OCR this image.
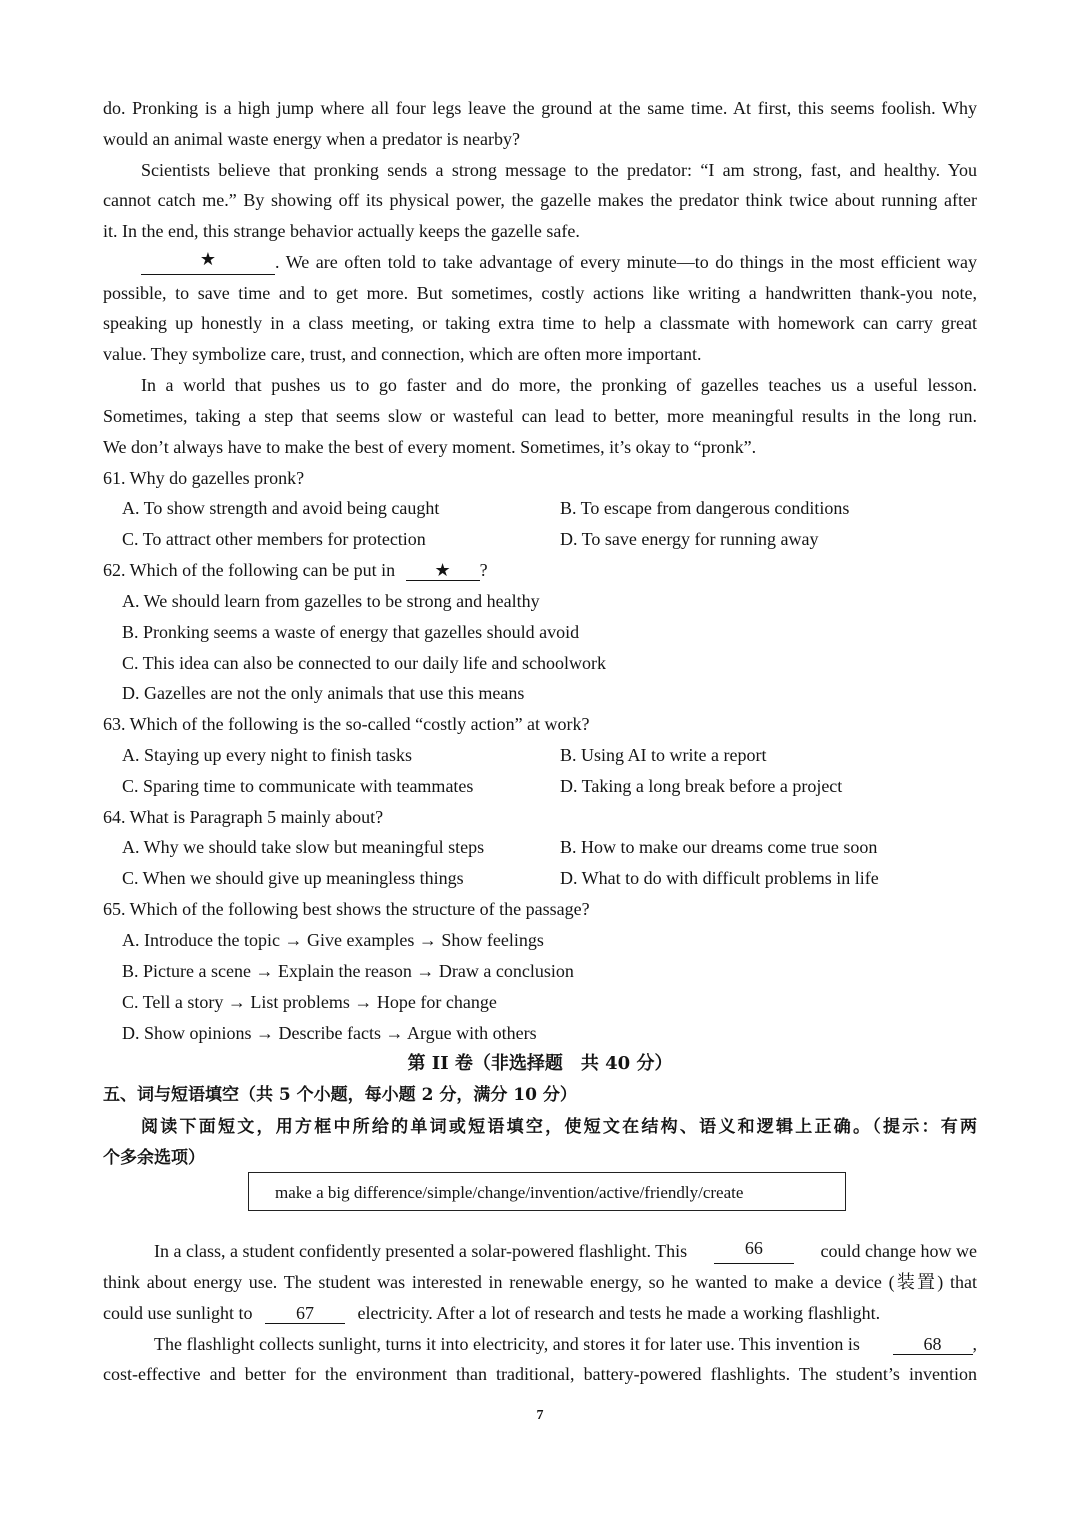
do. Pronking is a high jump where all four legs leave the ground at the same time. At first, this seems foolish. Why
would an animal waste energy when a predator is nearby?
Scientists believe that pronking sends a strong message to the predator: “I am strong, fast, and healthy. You
cannot catch me.” By showing off its physical power, the gazelle makes the predator think twice about running after
it. In the end, this strange behavior actually keeps the gazelle safe.
★	. We are often told to take advantage of every minute—to do things in the most efficient way
possible, to save time and to get more. But sometimes, costly actions like writing a handwritten thank-you note,
speaking up honestly in a class meeting, or taking extra time to help a classmate with homework can carry great
value. They symbolize care, trust, and connection, which are often more important.
In a world that pushes us to go faster and do more, the pronking of gazelles teaches us a useful lesson.
Sometimes, taking a step that seems slow or wasteful can lead to better, more meaningful results in the long run.
We don’t always have to make the best of every moment. Sometimes, it’s okay to “pronk”.
61. Why do gazelles pronk?
A. To show strength and avoid being caught	B. To escape from dangerous conditions
C. To attract other members for protection	D. To save energy for running away
62. Which of the following can be put in ★ ?
A. We should learn from gazelles to be strong and healthy
B. Pronking seems a waste of energy that gazelles should avoid
C. This idea can also be connected to our daily life and schoolwork
D. Gazelles are not the only animals that use this means
63. Which of the following is the so-called “costly action” at work?
A. Staying up every night to finish tasks	B. Using AI to write a report
C. Sparing time to communicate with teammates	D. Taking a long break before a project
64. What is Paragraph 5 mainly about?
A. Why we should take slow but meaningful steps	B. How to make our dreams come true soon
C. When we should give up meaningless things	D. What to do with difficult problems in life
65. Which of the following best shows the structure of the passage?
A. Introduce the topic → Give examples → Show feelings
B. Picture a scene → Explain the reason → Draw a conclusion
C. Tell a story → List problems → Hope for change
D. Show opinions → Describe facts → Argue with others
第 II 卷（非选择题　共 40 分）
五、词与短语填空（共 5 个小题，每小题 2 分，满分 10 分）
阅读下面短文，用方框中所给的单词或短语填空，使短文在结构、语义和逻辑上正确。（提示：有两
个多余选项）
make a big difference/simple/change/invention/active/friendly/create
In a class, a student confidently presented a solar-powered flashlight. This	66	could change how we
think about energy use. The student was interested in renewable energy, so he wanted to make a device (装置) that
could use sunlight to 67 electricity. After a lot of research and tests he made a working flashlight.
The flashlight collects sunlight, turns it into electricity, and stores it for later use. This invention is	68 ,
cost-effective and better for the environment than traditional, battery-powered flashlights. The student’s invention
7
